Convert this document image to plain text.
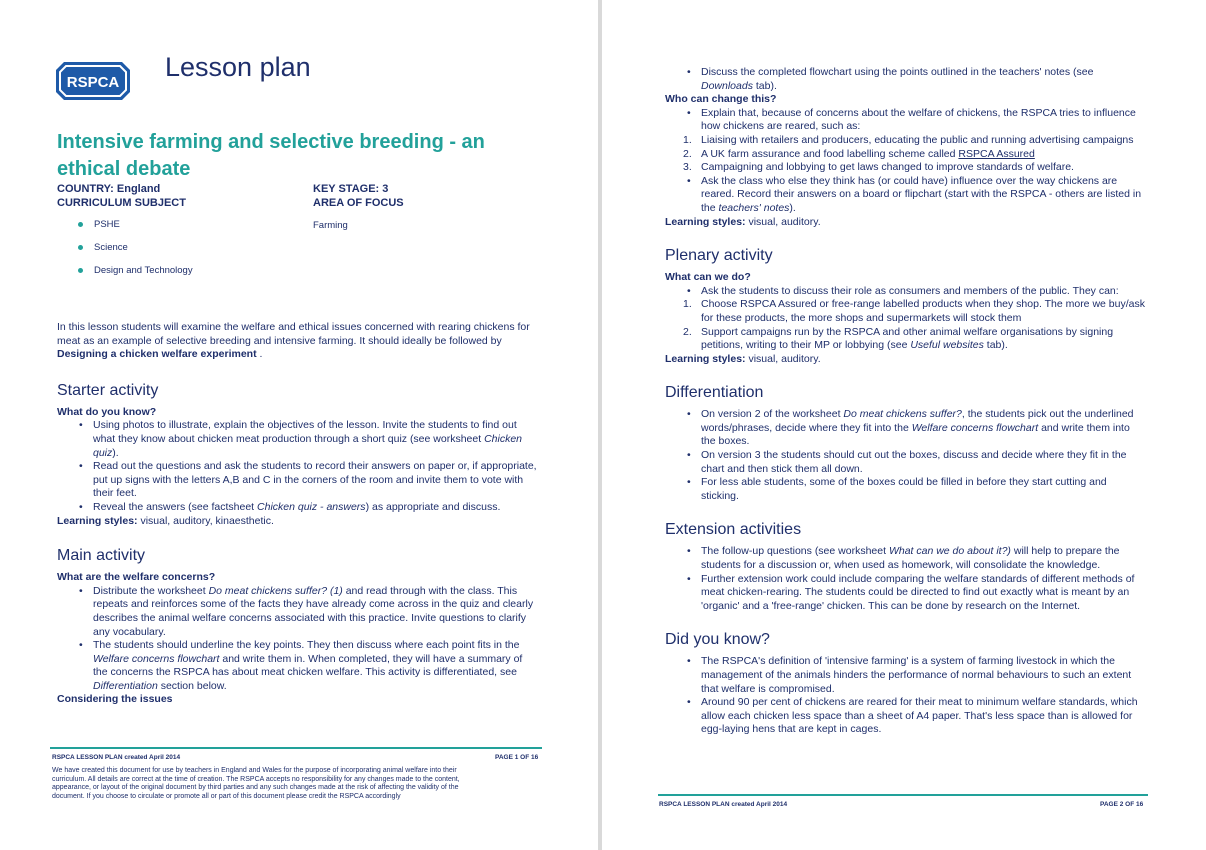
RSPCA
Lesson plan
Intensive farming and selective breeding - an ethical debate
COUNTRY: England
CURRICULUM SUBJECT
KEY STAGE: 3
AREA OF FOCUS
PSHE
Science
Design and Technology
Farming

In this lesson students will examine the welfare and ethical issues concerned with rearing chickens for meat as an example of selective breeding and intensive farming. It should ideally be followed by Designing a chicken welfare experiment .

Starter activity

What do you know?

• Using photos to illustrate, explain the objectives of the lesson. Invite the students to find out what they know about chicken meat production through a short quiz (see worksheet Chicken quiz).
• Read out the questions and ask the students to record their answers on paper or, if appropriate, put up signs with the letters A,B and C in the corners of the room and invite them to vote with their feet.
• Reveal the answers (see factsheet Chicken quiz - answers) as appropriate and discuss.

Learning styles: visual, auditory, kinaesthetic.

Main activity

What are the welfare concerns?

• Distribute the worksheet Do meat chickens suffer? (1) and read through with the class. This repeats and reinforces some of the facts they have already come across in the quiz and clearly describes the animal welfare concerns associated with this practice. Invite questions to clarify any vocabulary.
• The students should underline the key points. They then discuss where each point fits in the Welfare concerns flowchart and write them in. When completed, they will have a summary of the concerns the RSPCA has about meat chicken welfare. This activity is differentiated, see Differentiation section below.

Considering the issues

RSPCA LESSON PLAN created April 2014	PAGE 1 OF 16
We have created this document for use by teachers in England and Wales for the purpose of incorporating animal welfare into their curriculum. All details are correct at the time of creation. The RSPCA accepts no responsibility for any changes made to the content, appearance, or layout of the original document by third parties and any such changes made at the risk of affecting the validity of the document. If you choose to circulate or promote all or part of this document please credit the RSPCA accordingly
• Discuss the completed flowchart using the points outlined in the teachers' notes (see Downloads tab).

Who can change this?

• Explain that, because of concerns about the welfare of chickens, the RSPCA tries to influence how chickens are reared, such as:
1. Liaising with retailers and producers, educating the public and running advertising campaigns
2. A UK farm assurance and food labelling scheme called RSPCA Assured
3. Campaigning and lobbying to get laws changed to improve standards of welfare.
• Ask the class who else they think has (or could have) influence over the way chickens are reared. Record their answers on a board or flipchart (start with the RSPCA - others are listed in the teachers' notes).

Learning styles: visual, auditory.

Plenary activity

What can we do?

• Ask the students to discuss their role as consumers and members of the public. They can:
1. Choose RSPCA Assured or free-range labelled products when they shop. The more we buy/ask for these products, the more shops and supermarkets will stock them
2. Support campaigns run by the RSPCA and other animal welfare organisations by signing petitions, writing to their MP or lobbying (see Useful websites tab).

Learning styles: visual, auditory.

Differentiation
• On version 2 of the worksheet Do meat chickens suffer?, the students pick out the underlined words/phrases, decide where they fit into the Welfare concerns flowchart and write them into the boxes.
• On version 3 the students should cut out the boxes, discuss and decide where they fit in the chart and then stick them all down.
• For less able students, some of the boxes could be filled in before they start cutting and sticking.
Extension activities
• The follow-up questions (see worksheet What can we do about it?) will help to prepare the students for a discussion or, when used as homework, will consolidate the knowledge.
• Further extension work could include comparing the welfare standards of different methods of meat chicken-rearing. The students could be directed to find out exactly what is meant by an 'organic' and a 'free-range' chicken. This can be done by research on the Internet.
Did you know?
• The RSPCA's definition of 'intensive farming' is a system of farming livestock in which the management of the animals hinders the performance of normal behaviours to such an extent that welfare is compromised.
• Around 90 per cent of chickens are reared for their meat to minimum welfare standards, which allow each chicken less space than a sheet of A4 paper. That's less space than is allowed for egg-laying hens that are kept in cages.
RSPCA LESSON PLAN created April 2014	PAGE 2 OF 16
